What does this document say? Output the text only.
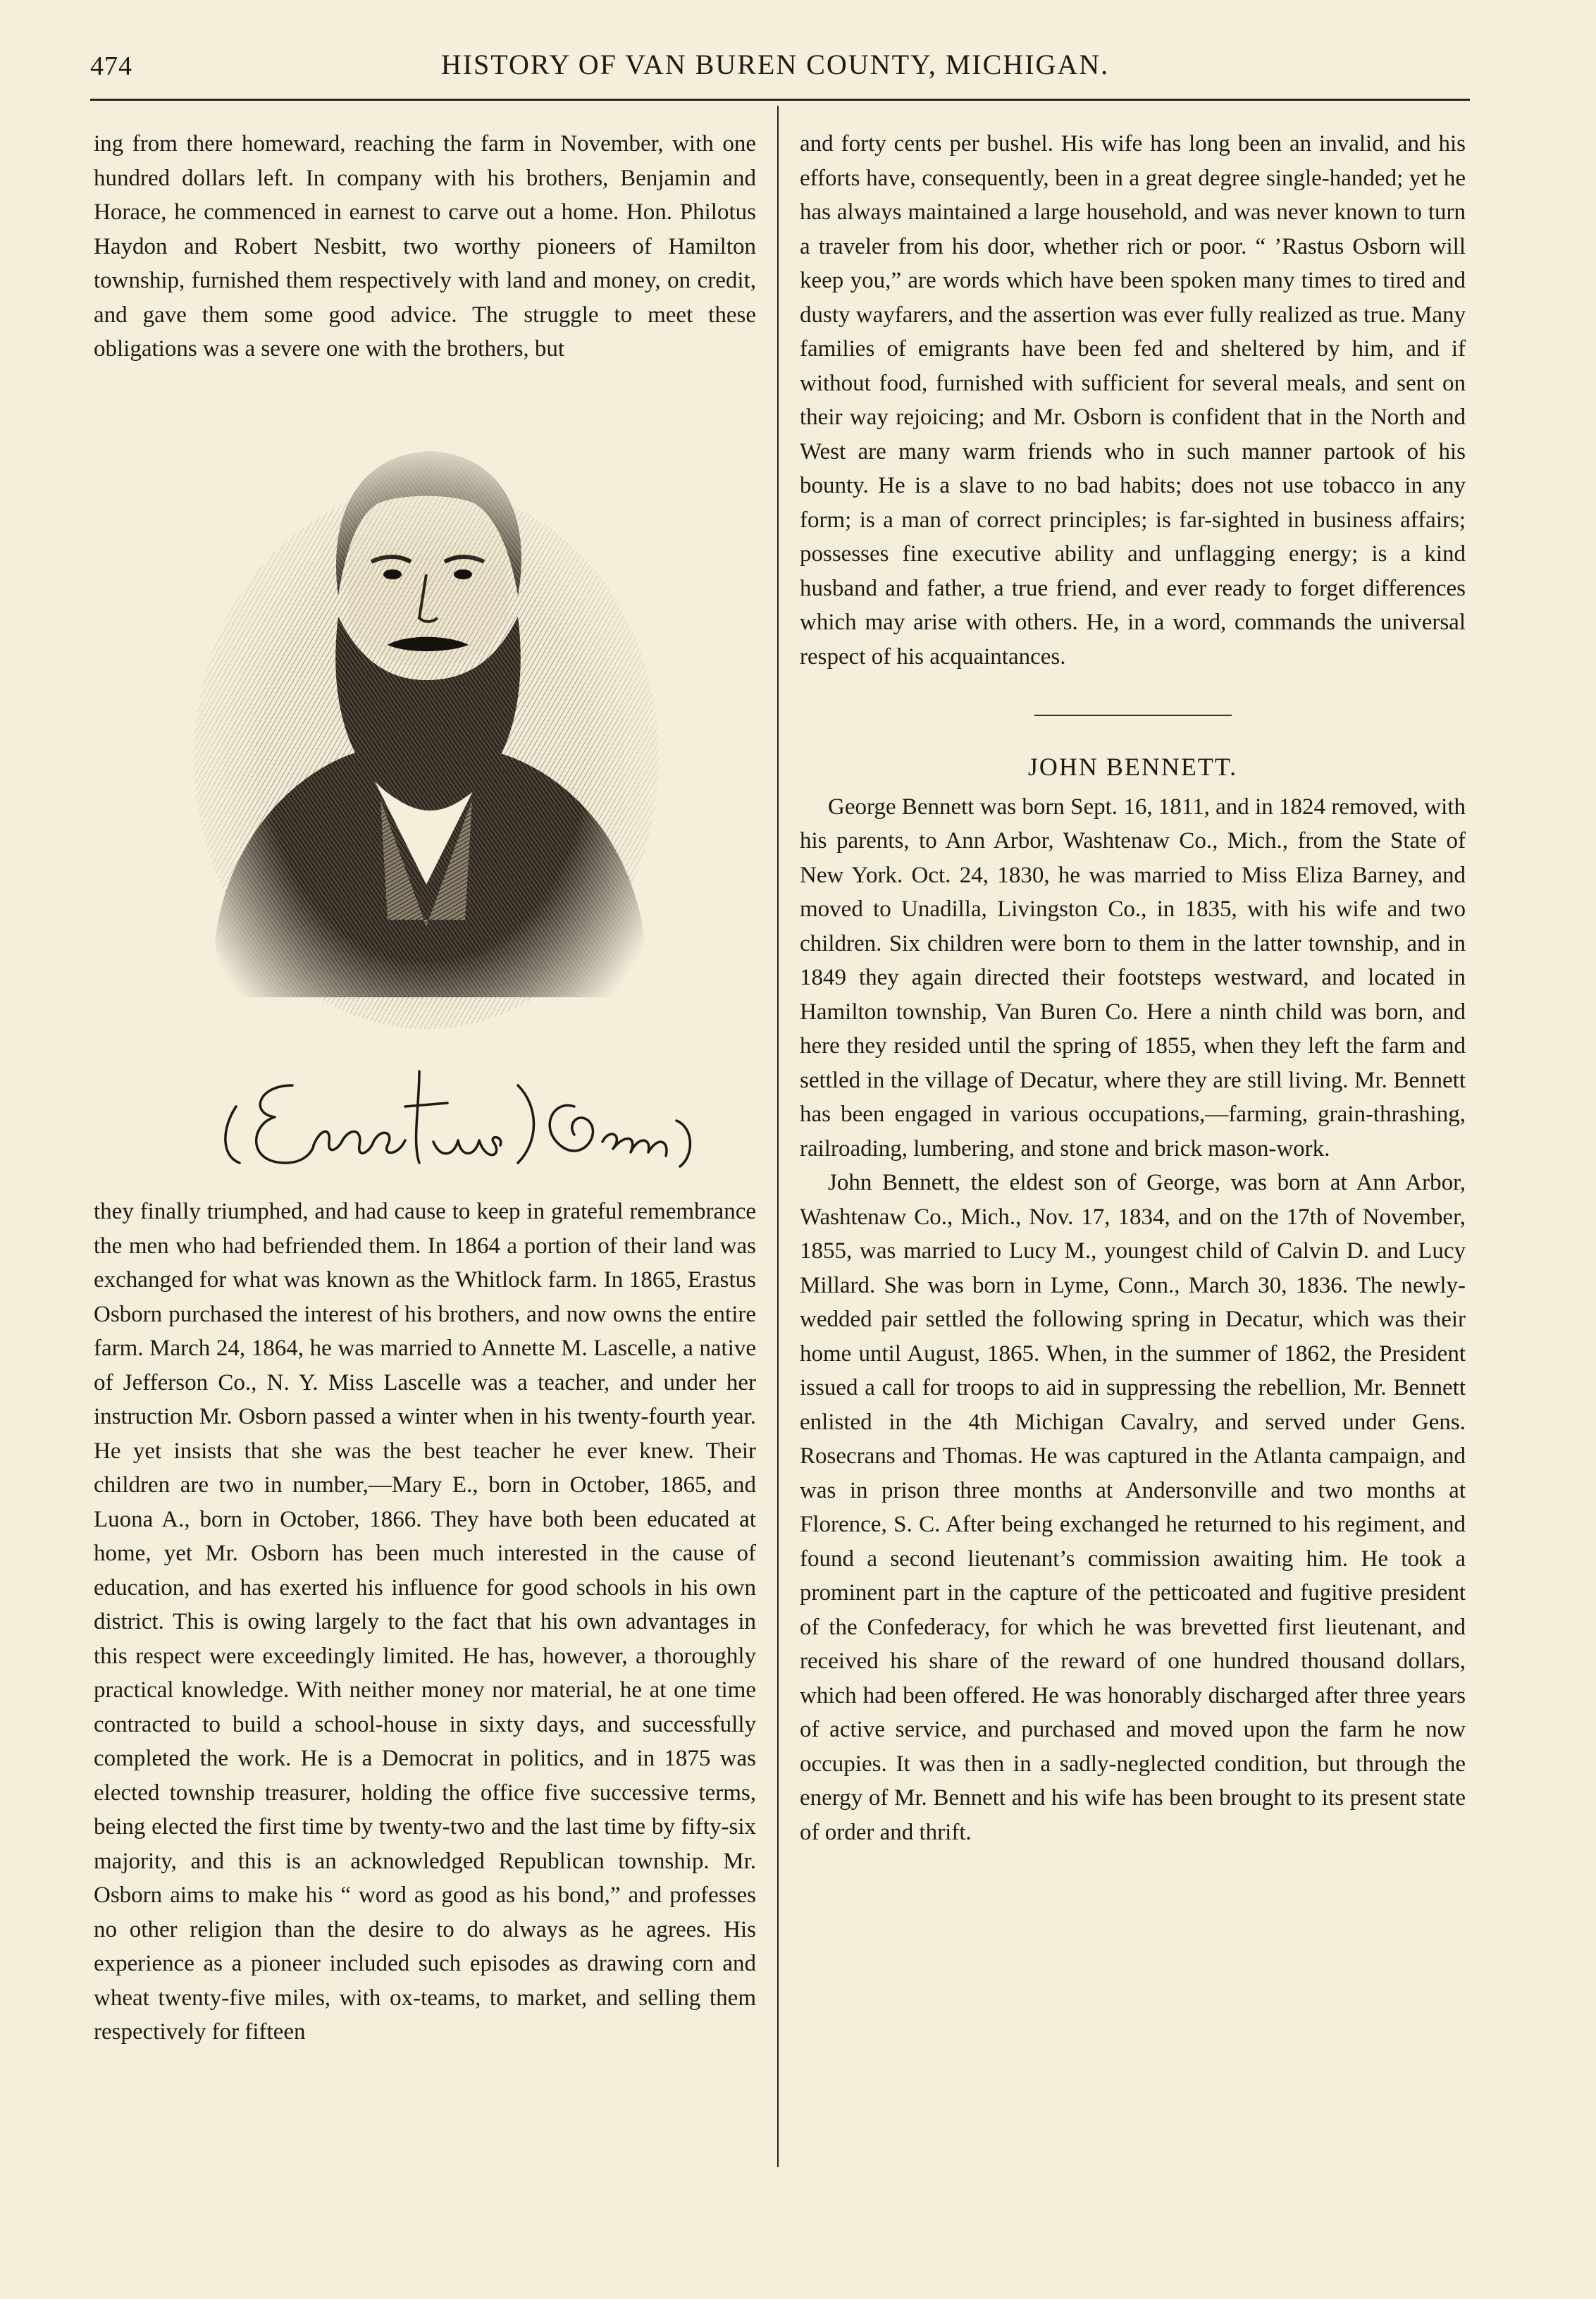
474	HISTORY OF VAN BUREN COUNTY, MICHIGAN.

ing from there homeward, reaching the farm in November, with one hundred dollars left. In company with his brothers, Benjamin and Horace, he commenced in earnest to carve out a home. Hon. Philotus Haydon and Robert Nesbitt, two worthy pioneers of Hamilton township, furnished them respectively with land and money, on credit, and gave them some good advice. The struggle to meet these obligations was a severe one with the brothers, but

Erastus Osborn

they finally triumphed, and had cause to keep in grateful remembrance the men who had befriended them. In 1864 a portion of their land was exchanged for what was known as the Whitlock farm. In 1865, Erastus Osborn purchased the interest of his brothers, and now owns the entire farm. March 24, 1864, he was married to Annette M. Lascelle, a native of Jefferson Co., N. Y. Miss Lascelle was a teacher, and under her instruction Mr. Osborn passed a winter when in his twenty-fourth year. He yet insists that she was the best teacher he ever knew. Their children are two in number,—Mary E., born in October, 1865, and Luona A., born in October, 1866. They have both been educated at home, yet Mr. Osborn has been much interested in the cause of education, and has exerted his influence for good schools in his own district. This is owing largely to the fact that his own advantages in this respect were exceedingly limited. He has, however, a thoroughly practical knowledge. With neither money nor material, he at one time contracted to build a school-house in sixty days, and successfully completed the work. He is a Democrat in politics, and in 1875 was elected township treasurer, holding the office five successive terms, being elected the first time by twenty-two and the last time by fifty-six majority, and this is an acknowledged Republican township. Mr. Osborn aims to make his “ word as good as his bond,” and professes no other religion than the desire to do always as he agrees. His experience as a pioneer included such episodes as drawing corn and wheat twenty-five miles, with ox-teams, to market, and selling them respectively for fifteen

and forty cents per bushel. His wife has long been an invalid, and his efforts have, consequently, been in a great degree single-handed; yet he has always maintained a large household, and was never known to turn a traveler from his door, whether rich or poor. “ ’Rastus Osborn will keep you,” are words which have been spoken many times to tired and dusty wayfarers, and the assertion was ever fully realized as true. Many families of emigrants have been fed and sheltered by him, and if without food, furnished with sufficient for several meals, and sent on their way rejoicing; and Mr. Osborn is confident that in the North and West are many warm friends who in such manner partook of his bounty. He is a slave to no bad habits; does not use tobacco in any form; is a man of correct principles; is far-sighted in business affairs; possesses fine executive ability and unflagging energy; is a kind husband and father, a true friend, and ever ready to forget differences which may arise with others. He, in a word, commands the universal respect of his acquaintances.

JOHN BENNETT.

George Bennett was born Sept. 16, 1811, and in 1824 removed, with his parents, to Ann Arbor, Washtenaw Co., Mich., from the State of New York. Oct. 24, 1830, he was married to Miss Eliza Barney, and moved to Unadilla, Livingston Co., in 1835, with his wife and two children. Six children were born to them in the latter township, and in 1849 they again directed their footsteps westward, and located in Hamilton township, Van Buren Co. Here a ninth child was born, and here they resided until the spring of 1855, when they left the farm and settled in the village of Decatur, where they are still living. Mr. Bennett has been engaged in various occupations,—farming, grain-thrashing, railroading, lumbering, and stone and brick mason-work.

John Bennett, the eldest son of George, was born at Ann Arbor, Washtenaw Co., Mich., Nov. 17, 1834, and on the 17th of November, 1855, was married to Lucy M., youngest child of Calvin D. and Lucy Millard. She was born in Lyme, Conn., March 30, 1836. The newly-wedded pair settled the following spring in Decatur, which was their home until August, 1865. When, in the summer of 1862, the President issued a call for troops to aid in suppressing the rebellion, Mr. Bennett enlisted in the 4th Michigan Cavalry, and served under Gens. Rosecrans and Thomas. He was captured in the Atlanta campaign, and was in prison three months at Andersonville and two months at Florence, S. C. After being exchanged he returned to his regiment, and found a second lieutenant’s commission awaiting him. He took a prominent part in the capture of the petticoated and fugitive president of the Confederacy, for which he was brevetted first lieutenant, and received his share of the reward of one hundred thousand dollars, which had been offered. He was honorably discharged after three years of active service, and purchased and moved upon the farm he now occupies. It was then in a sadly-neglected condition, but through the energy of Mr. Bennett and his wife has been brought to its present state of order and thrift.
